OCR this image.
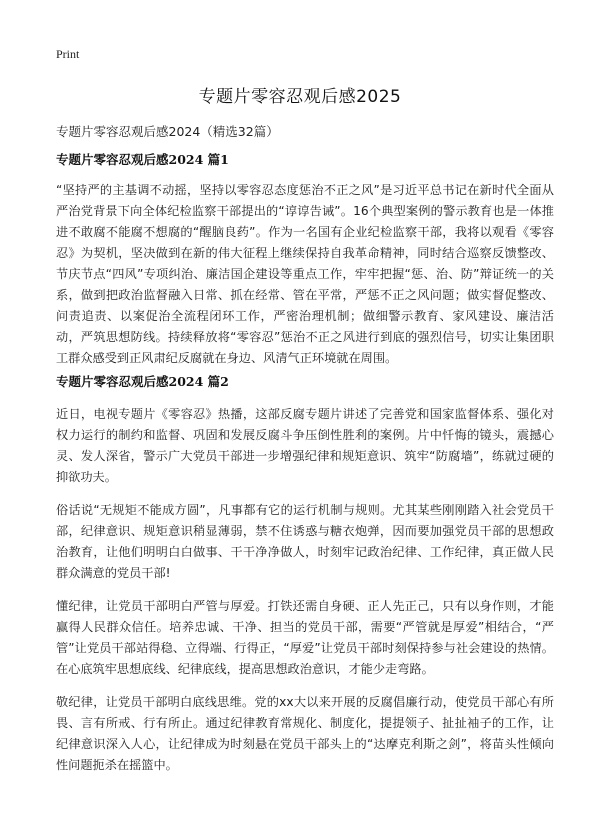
Print
专题片零容忍观后感2025
专题片零容忍观后感2024（精选32篇）

专题片零容忍观后感2024 篇1

“坚持严的主基调不动摇，坚持以零容忍态度惩治不正之风”是习近平总书记在新时代全面从严治党背景下向全体纪检监察干部提出的“谆谆告诫”。16个典型案例的警示教育也是一体推进不敢腐不能腐不想腐的“醒脑良药”。作为一名国有企业纪检监察干部，我将以观看《零容忍》为契机，坚决做到在新的伟大征程上继续保持自我革命精神，同时结合巡察反馈整改、节庆节点“四风”专项纠治、廉洁国企建设等重点工作，牢牢把握“惩、治、防”辩证统一的关系，做到把政治监督融入日常、抓在经常、管在平常，严惩不正之风问题；做实督促整改、问责追责、以案促治全流程闭环工作，严密治理机制；做细警示教育、家风建设、廉洁活动，严筑思想防线。持续释放将“零容忍”惩治不正之风进行到底的强烈信号，切实让集团职工群众感受到正风肃纪反腐就在身边、风清气正环境就在周围。

专题片零容忍观后感2024 篇2

近日，电视专题片《零容忍》热播，这部反腐专题片讲述了完善党和国家监督体系、强化对权力运行的制约和监督、巩固和发展反腐斗争压倒性胜利的案例。片中忏悔的镜头，震撼心灵、发人深省，警示广大党员干部进一步增强纪律和规矩意识、筑牢“防腐墙”，练就过硬的抑欲功夫。

俗话说“无规矩不能成方圆”，凡事都有它的运行机制与规则。尤其某些刚刚踏入社会党员干部，纪律意识、规矩意识稍显薄弱，禁不住诱惑与糖衣炮弹，因而要加强党员干部的思想政治教育，让他们明明白白做事、干干净净做人，时刻牢记政治纪律、工作纪律，真正做人民群众满意的党员干部!

懂纪律，让党员干部明白严管与厚爱。打铁还需自身硬、正人先正己，只有以身作则，才能赢得人民群众信任。培养忠诚、干净、担当的党员干部，需要“严管就是厚爱”相结合，“严管”让党员干部站得稳、立得端、行得正，“厚爱”让党员干部时刻保持参与社会建设的热情。在心底筑牢思想底线、纪律底线，提高思想政治意识，才能少走弯路。

敬纪律，让党员干部明白底线思维。党的xx大以来开展的反腐倡廉行动，使党员干部心有所畏、言有所戒、行有所止。通过纪律教育常规化、制度化，提提领子、扯扯袖子的工作，让纪律意识深入人心，让纪律成为时刻悬在党员干部头上的“达摩克利斯之剑”，将苗头性倾向性问题扼杀在摇篮中。
